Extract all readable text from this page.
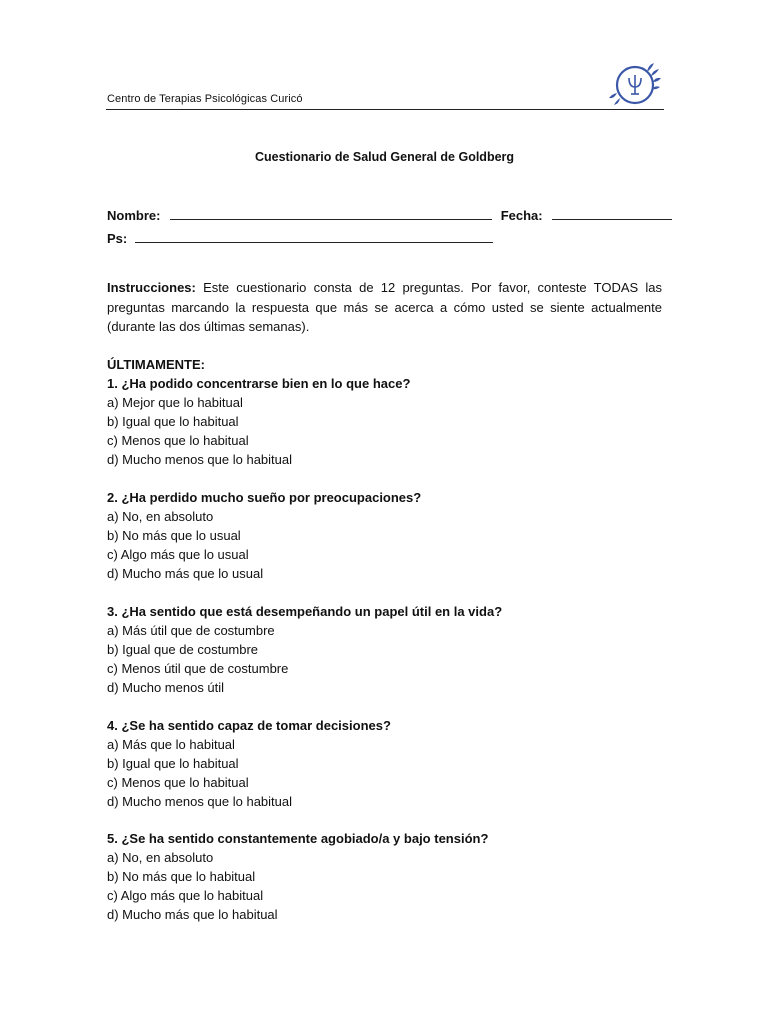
Centro de Terapias Psicológicas Curicó
Cuestionario de Salud General de Goldberg
Nombre:	Fecha:
Ps:
Instrucciones: Este cuestionario consta de 12 preguntas. Por favor, conteste TODAS las preguntas marcando la respuesta que más se acerca a cómo usted se siente actualmente (durante las dos últimas semanas).
ÚLTIMAMENTE:
1. ¿Ha podido concentrarse bien en lo que hace?
a) Mejor que lo habitual
b) Igual que lo habitual
c) Menos que lo habitual
d) Mucho menos que lo habitual
2. ¿Ha perdido mucho sueño por preocupaciones?
a) No, en absoluto
b) No más que lo usual
c) Algo más que lo usual
d) Mucho más que lo usual
3. ¿Ha sentido que está desempeñando un papel útil en la vida?
a) Más útil que de costumbre
b) Igual que de costumbre
c) Menos útil que de costumbre
d) Mucho menos útil
4. ¿Se ha sentido capaz de tomar decisiones?
a) Más que lo habitual
b) Igual que lo habitual
c) Menos que lo habitual
d) Mucho menos que lo habitual
5. ¿Se ha sentido constantemente agobiado/a y bajo tensión?
a) No, en absoluto
b) No más que lo habitual
c) Algo más que lo habitual
d) Mucho más que lo habitual
